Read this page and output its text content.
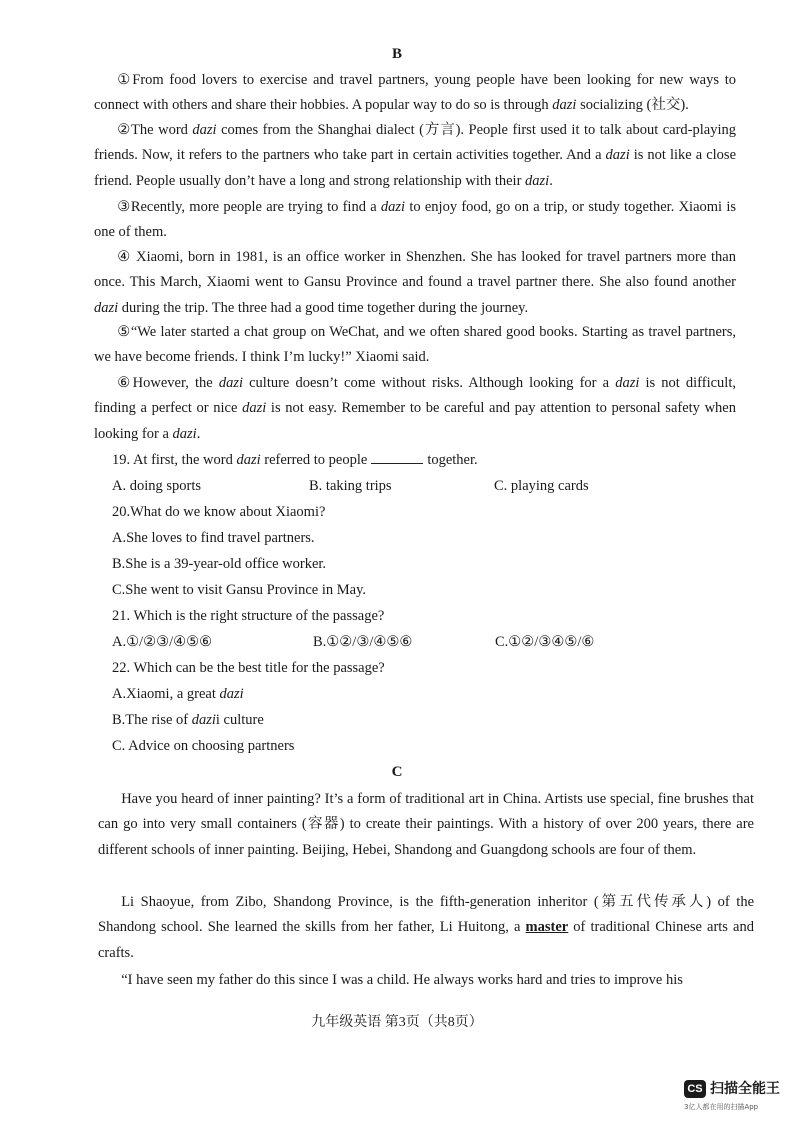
B

①From food lovers to exercise and travel partners, young people have been looking for new ways to connect with others and share their hobbies. A popular way to do so is through dazi socializing (社交).

②The word dazi comes from the Shanghai dialect (方言). People first used it to talk about card-playing friends. Now, it refers to the partners who take part in certain activities together. And a dazi is not like a close friend. People usually don’t have a long and strong relationship with their dazi.

③Recently, more people are trying to find a dazi to enjoy food, go on a trip, or study together. Xiaomi is one of them.

④ Xiaomi, born in 1981, is an office worker in Shenzhen. She has looked for travel partners more than once. This March, Xiaomi went to Gansu Province and found a travel partner there. She also found another dazi during the trip. The three had a good time together during the journey.

⑤“We later started a chat group on WeChat, and we often shared good books. Starting as travel partners, we have become friends. I think I’m lucky!” Xiaomi said.

⑥However, the dazi culture doesn’t come without risks. Although looking for a dazi is not difficult, finding a perfect or nice dazi is not easy. Remember to be careful and pay attention to personal safety when looking for a dazi.

19. At first, the word dazi referred to people	together.
A. doing sports	B. taking trips	C. playing cards
20.What do we know about Xiaomi?
A.She loves to find travel partners.
B.She is a 39-year-old office worker.
C.She went to visit Gansu Province in May.
21. Which is the right structure of the passage?
A.①/②③/④⑤⑥	B.①②/③/④⑤⑥	C.①②/③④⑤/⑥
22. Which can be the best title for the passage?
A.Xiaomi, a great dazi
B.The rise of dazii culture
C. Advice on choosing partners
C

Have you heard of inner painting? It’s a form of traditional art in China. Artists use special, fine brushes that can go into very small containers (容器) to create their paintings. With a history of over 200 years, there are different schools of inner painting. Beijing, Hebei, Shandong and Guangdong schools are four of them.

Li Shaoyue, from Zibo, Shandong Province, is the fifth-generation inheritor (第五代传承人) of the Shandong school. She learned the skills from her father, Li Huitong, a master of traditional Chinese arts and crafts.

“I have seen my father do this since I was a child. He always works hard and tries to improve his

九年级英语 第3页（共8页）
CS 扫描全能王
3亿人都在用的扫描App
